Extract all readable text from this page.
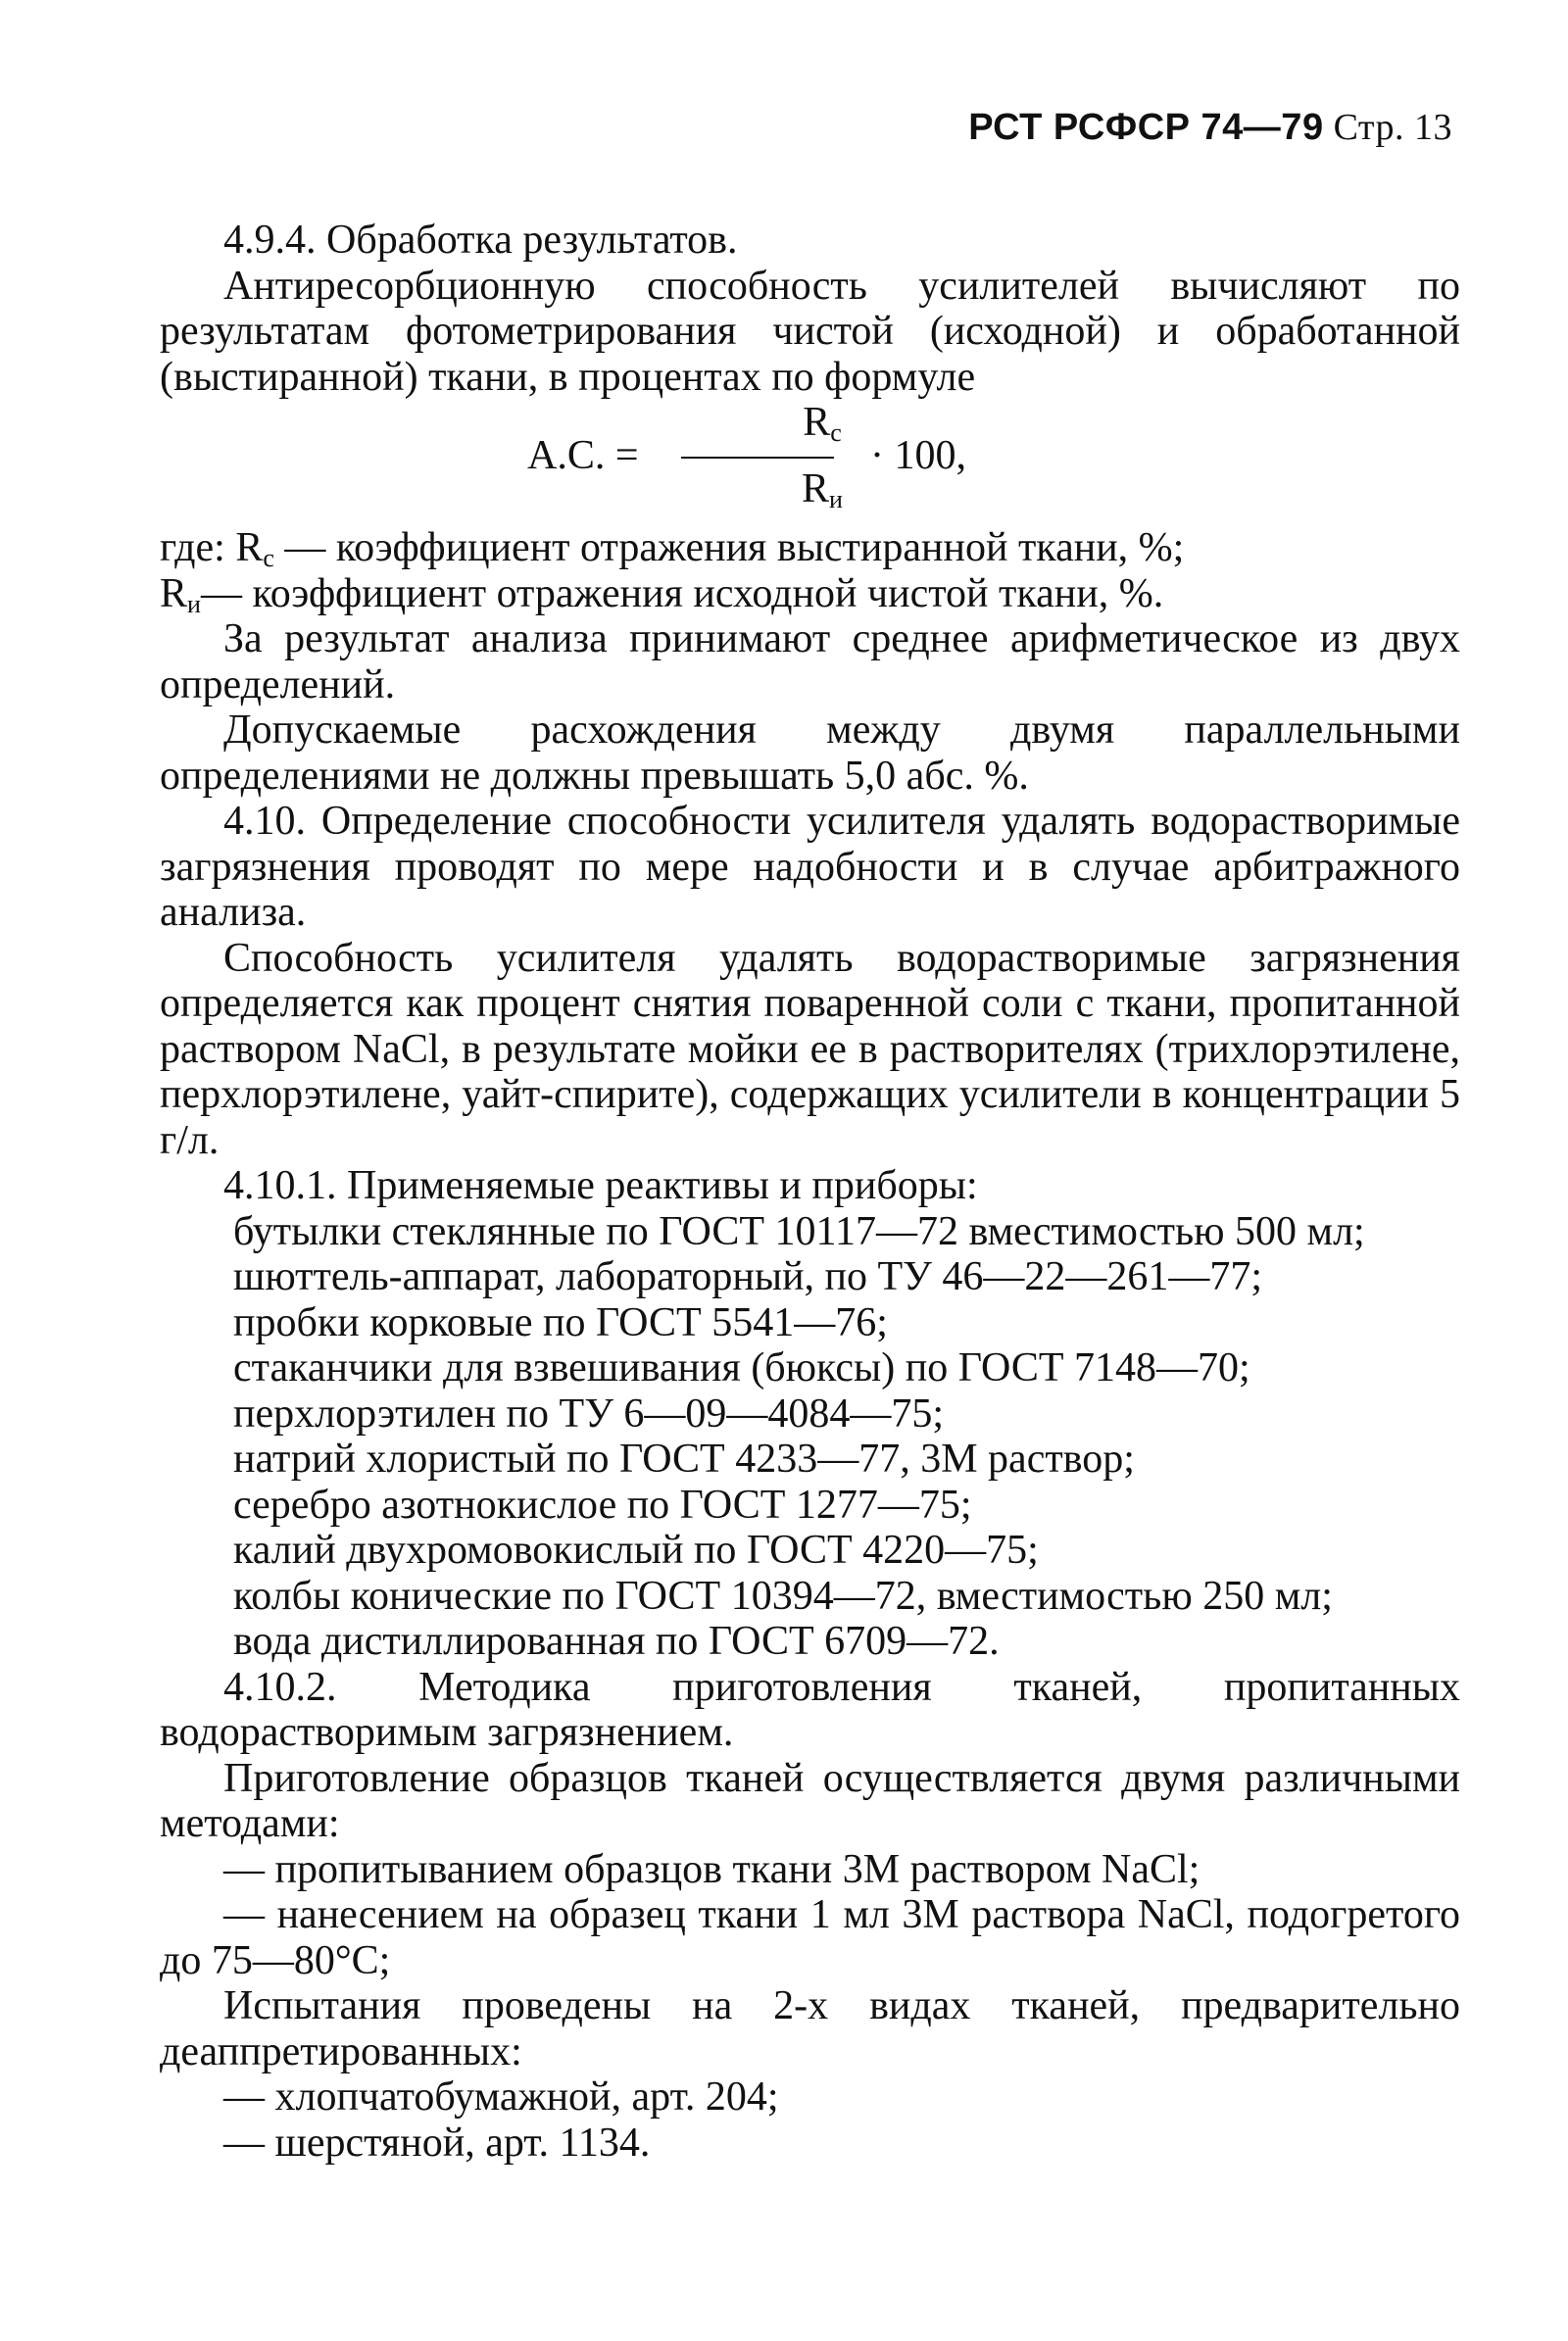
РСТ РСФСР 74—79 Стр. 13

4.9.4. Обработка результатов.

Антиресорбционную способность усилителей вычисляют по результатам фотометрирования чистой (исходной) и обработанной (выстиранной) ткани, в процентах по формуле

А.С. =
$R_с$
$R_и$
· 100,

где: $R_с$ — коэффициент отражения выстиранной ткани, %;

$R_и—$ коэффициент отражения исходной чистой ткани, %.

За результат анализа принимают среднее арифметическое из двух определений.

Допускаемые расхождения между двумя параллельными определениями не должны превышать 5,0 абс. %.

4.10. Определение способности усилителя удалять водорастворимые загрязнения проводят по мере надобности и в случае арбитражного анализа.

Способность усилителя удалять водорастворимые загрязнения определяется как процент снятия поваренной соли с ткани, пропитанной раствором NaCl, в результате мойки ее в растворителях (трихлорэтилене, перхлорэтилене, уайт-спирите), содержащих усилители в концентрации 5 г/л.

4.10.1. Применяемые реактивы и приборы:

бутылки стеклянные по ГОСТ 10117—72 вместимостью 500 мл;

шюттель-аппарат, лабораторный, по ТУ 46—22—261—77;

пробки корковые по ГОСТ 5541—76;

стаканчики для взвешивания (бюксы) по ГОСТ 7148—70;

перхлорэтилен по ТУ 6—09—4084—75;

натрий хлористый по ГОСТ 4233—77, 3М раствор;

серебро азотнокислое по ГОСТ 1277—75;

калий двухромовокислый по ГОСТ 4220—75;

колбы конические по ГОСТ 10394—72, вместимостью 250 мл;

вода дистиллированная по ГОСТ 6709—72.

4.10.2. Методика приготовления тканей, пропитанных водорастворимым загрязнением.

Приготовление образцов тканей осуществляется двумя различными методами:

— пропитыванием образцов ткани 3М раствором NaCl;

— нанесением на образец ткани 1 мл 3М раствора NaCl, подогретого до 75—80°С;

Испытания проведены на 2-х видах тканей, предварительно деаппретированных:

— хлопчатобумажной, арт. 204;

— шерстяной, арт. 1134.
